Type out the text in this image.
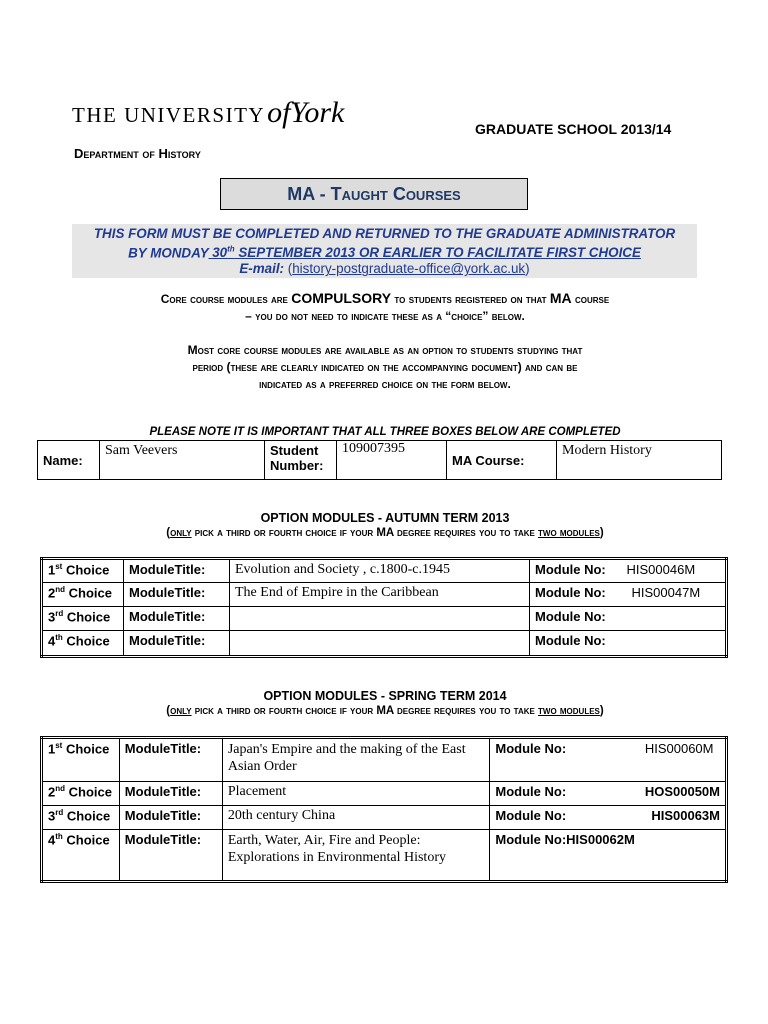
THE UNIVERSITYofYork	GRADUATE SCHOOL 2013/14
Department of History
MA - Taught Courses
THIS FORM MUST BE COMPLETED AND RETURNED TO THE GRADUATE ADMINISTRATOR
BY MONDAY 30th SEPTEMBER 2013 OR EARLIER TO FACILITATE FIRST CHOICE
E-mail: (history-postgraduate-office@york.ac.uk)
Core course modules are COMPULSORY to students registered on that MA course
– you do not need to indicate these as a “choice” below.
Most core course modules are available as an option to students studying that
period (these are clearly indicated on the accompanying document) and can be
indicated as a preferred choice on the form below.
PLEASE NOTE IT IS IMPORTANT THAT ALL THREE BOXES BELOW ARE COMPLETED
Name:	Sam Veevers	Student
Number:
	109007395	MA Course:	Modern History
OPTION MODULES - AUTUMN TERM 2013
(only pick a third or fourth choice if your MA degree requires you to take two modules)
1st Choice	ModuleTitle:	Evolution and Society , c.1800-c.1945	Module No:	HIS00046M
2nd Choice	ModuleTitle:	The End of Empire in the Caribbean	Module No:	HIS00047M
3rd Choice	ModuleTitle:		Module No:	
4th Choice	ModuleTitle:		Module No:	
OPTION MODULES - SPRING TERM 2014
(only pick a third or fourth choice if your MA degree requires you to take two modules)
1st Choice	ModuleTitle:	Japan's Empire and the making of the East
Asian Order	Module No:	HIS00060M
2nd Choice	ModuleTitle:	Placement	Module No:	HOS00050M
3rd Choice	ModuleTitle:	20th century China	Module No:	HIS00063M
4th Choice	ModuleTitle:	Earth, Water, Air, Fire and People:
Explorations in Environmental History	Module No:HIS00062M	
